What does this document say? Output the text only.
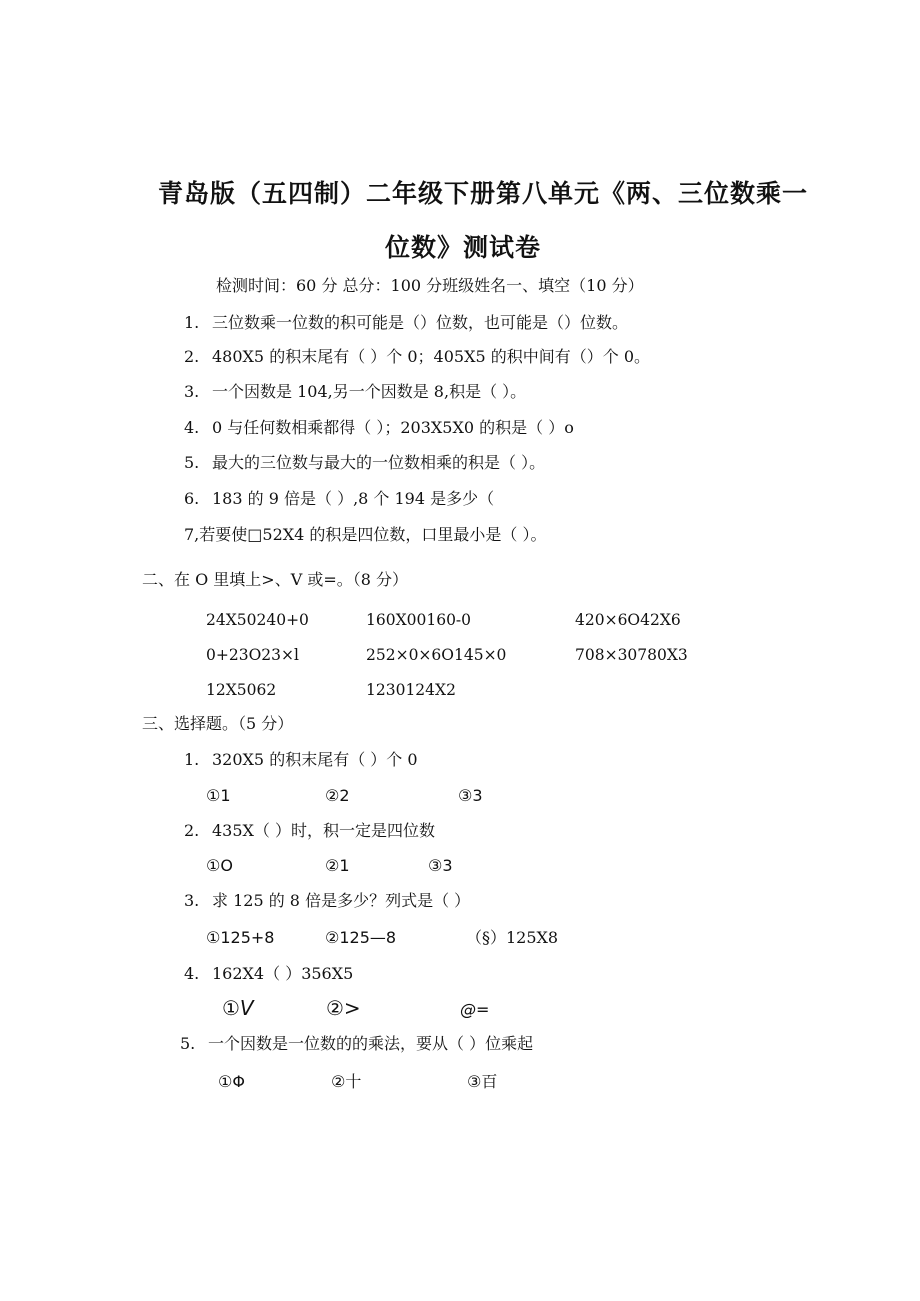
青岛版（五四制）二年级下册第八单元《两、三位数乘一
位数》测试卷
检测时间：60 分 总分：100 分班级姓名一、填空（10 分）
1. 三位数乘一位数的积可能是（）位数，也可能是（）位数。
2. 480X5 的积末尾有（ ）个 0；405X5 的积中间有（）个 0。
3. 一个因数是 104,另一个因数是 8,积是（ ）。
4. 0 与任何数相乘都得（ ）；203X5X0 的积是（ ）o
5. 最大的三位数与最大的一位数相乘的积是（ ）。
6. 183 的 9 倍是（ ）,8 个 194 是多少（
7,若要使□52X4 的积是四位数，口里最小是（ ）。
二、在 O 里填上>、V 或=。（8 分）
24X50240+0	160X00160-0	420×6O42X6
0+23O23×l	252×0×6O145×0	708×30780X3
12X5062	1230124X2
三、选择题。（5 分）
1. 320X5 的积末尾有（ ）个 0
①1	②2	③3
2. 435X（ ）时，积一定是四位数
①O	②1	③3
3. 求 125 的 8 倍是多少？列式是（ ）
①125+8	②125—8	（§）125X8
4. 162X4（ ）356X5
①V	②>	@=
5. 一个因数是一位数的的乘法，要从（ ）位乘起
①Φ	②十	③百
